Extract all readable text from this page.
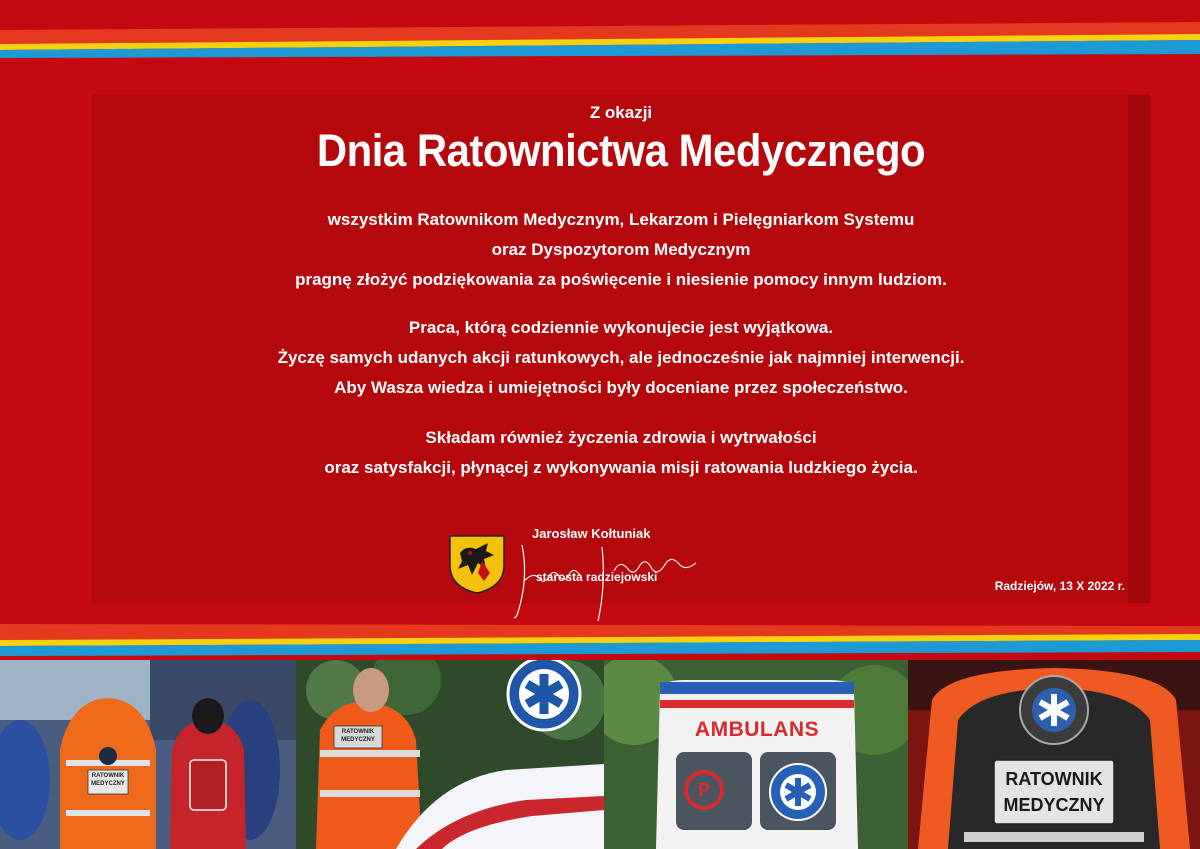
Z okazji
Dnia Ratownictwa Medycznego
wszystkim Ratownikom Medycznym, Lekarzom i Pielęgniarkom Systemu
oraz Dyspozytorom Medycznym
pragnę złożyć podziękowania za poświęcenie i niesienie pomocy innym ludziom.
Praca, którą codziennie wykonujecie jest wyjątkowa.
Życzę samych udanych akcji ratunkowych, ale jednocześnie jak najmniej interwencji.
Aby Wasza wiedza i umiejętności były doceniane przez społeczeństwo.
Składam również życzenia zdrowia i wytrwałości
oraz satysfakcji, płynącej z wykonywania misji ratowania ludzkiego życia.
Jarosław Kołtuniak
starosta radziejowski
Radziejów, 13 X 2022 r.
RATOWNIK
MEDYCZNY
RATOWNIK
MEDYCZNY	AMBULANS
P
RATOWNIK
MEDYCZNY
